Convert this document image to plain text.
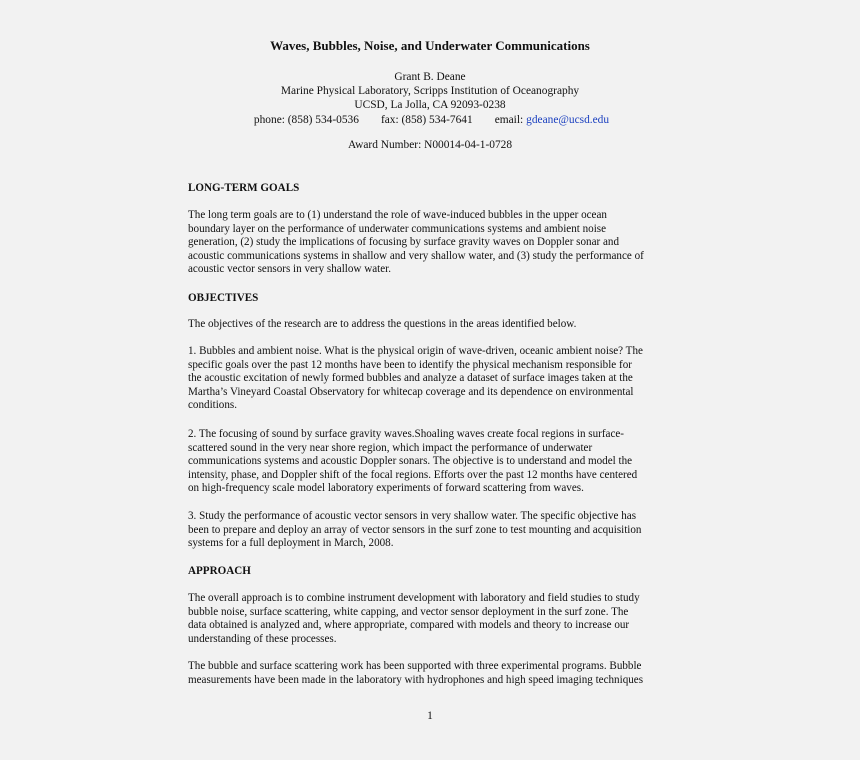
Waves, Bubbles, Noise, and Underwater Communications
Grant B. Deane
Marine Physical Laboratory, Scripps Institution of Oceanography
UCSD, La Jolla, CA 92093-0238
phone: (858) 534-0536 fax: (858) 534-7641 email: gdeane@ucsd.edu
Award Number: N00014-04-1-0728
LONG-TERM GOALS
The long term goals are to (1) understand the role of wave-induced bubbles in the upper ocean
boundary layer on the performance of underwater communications systems and ambient noise
generation, (2) study the implications of focusing by surface gravity waves on Doppler sonar and
acoustic communications systems in shallow and very shallow water, and (3) study the performance of
acoustic vector sensors in very shallow water.
OBJECTIVES
The objectives of the research are to address the questions in the areas identified below.
1. Bubbles and ambient noise. What is the physical origin of wave-driven, oceanic ambient noise? The
specific goals over the past 12 months have been to identify the physical mechanism responsible for
the acoustic excitation of newly formed bubbles and analyze a dataset of surface images taken at the
Martha’s Vineyard Coastal Observatory for whitecap coverage and its dependence on environmental
conditions.
2. The focusing of sound by surface gravity waves.Shoaling waves create focal regions in surface-
scattered sound in the very near shore region, which impact the performance of underwater
communications systems and acoustic Doppler sonars. The objective is to understand and model the
intensity, phase, and Doppler shift of the focal regions. Efforts over the past 12 months have centered
on high-frequency scale model laboratory experiments of forward scattering from waves.
3. Study the performance of acoustic vector sensors in very shallow water. The specific objective has
been to prepare and deploy an array of vector sensors in the surf zone to test mounting and acquisition
systems for a full deployment in March, 2008.
APPROACH
The overall approach is to combine instrument development with laboratory and field studies to study
bubble noise, surface scattering, white capping, and vector sensor deployment in the surf zone. The
data obtained is analyzed and, where appropriate, compared with models and theory to increase our
understanding of these processes.
The bubble and surface scattering work has been supported with three experimental programs. Bubble
measurements have been made in the laboratory with hydrophones and high speed imaging techniques
1
